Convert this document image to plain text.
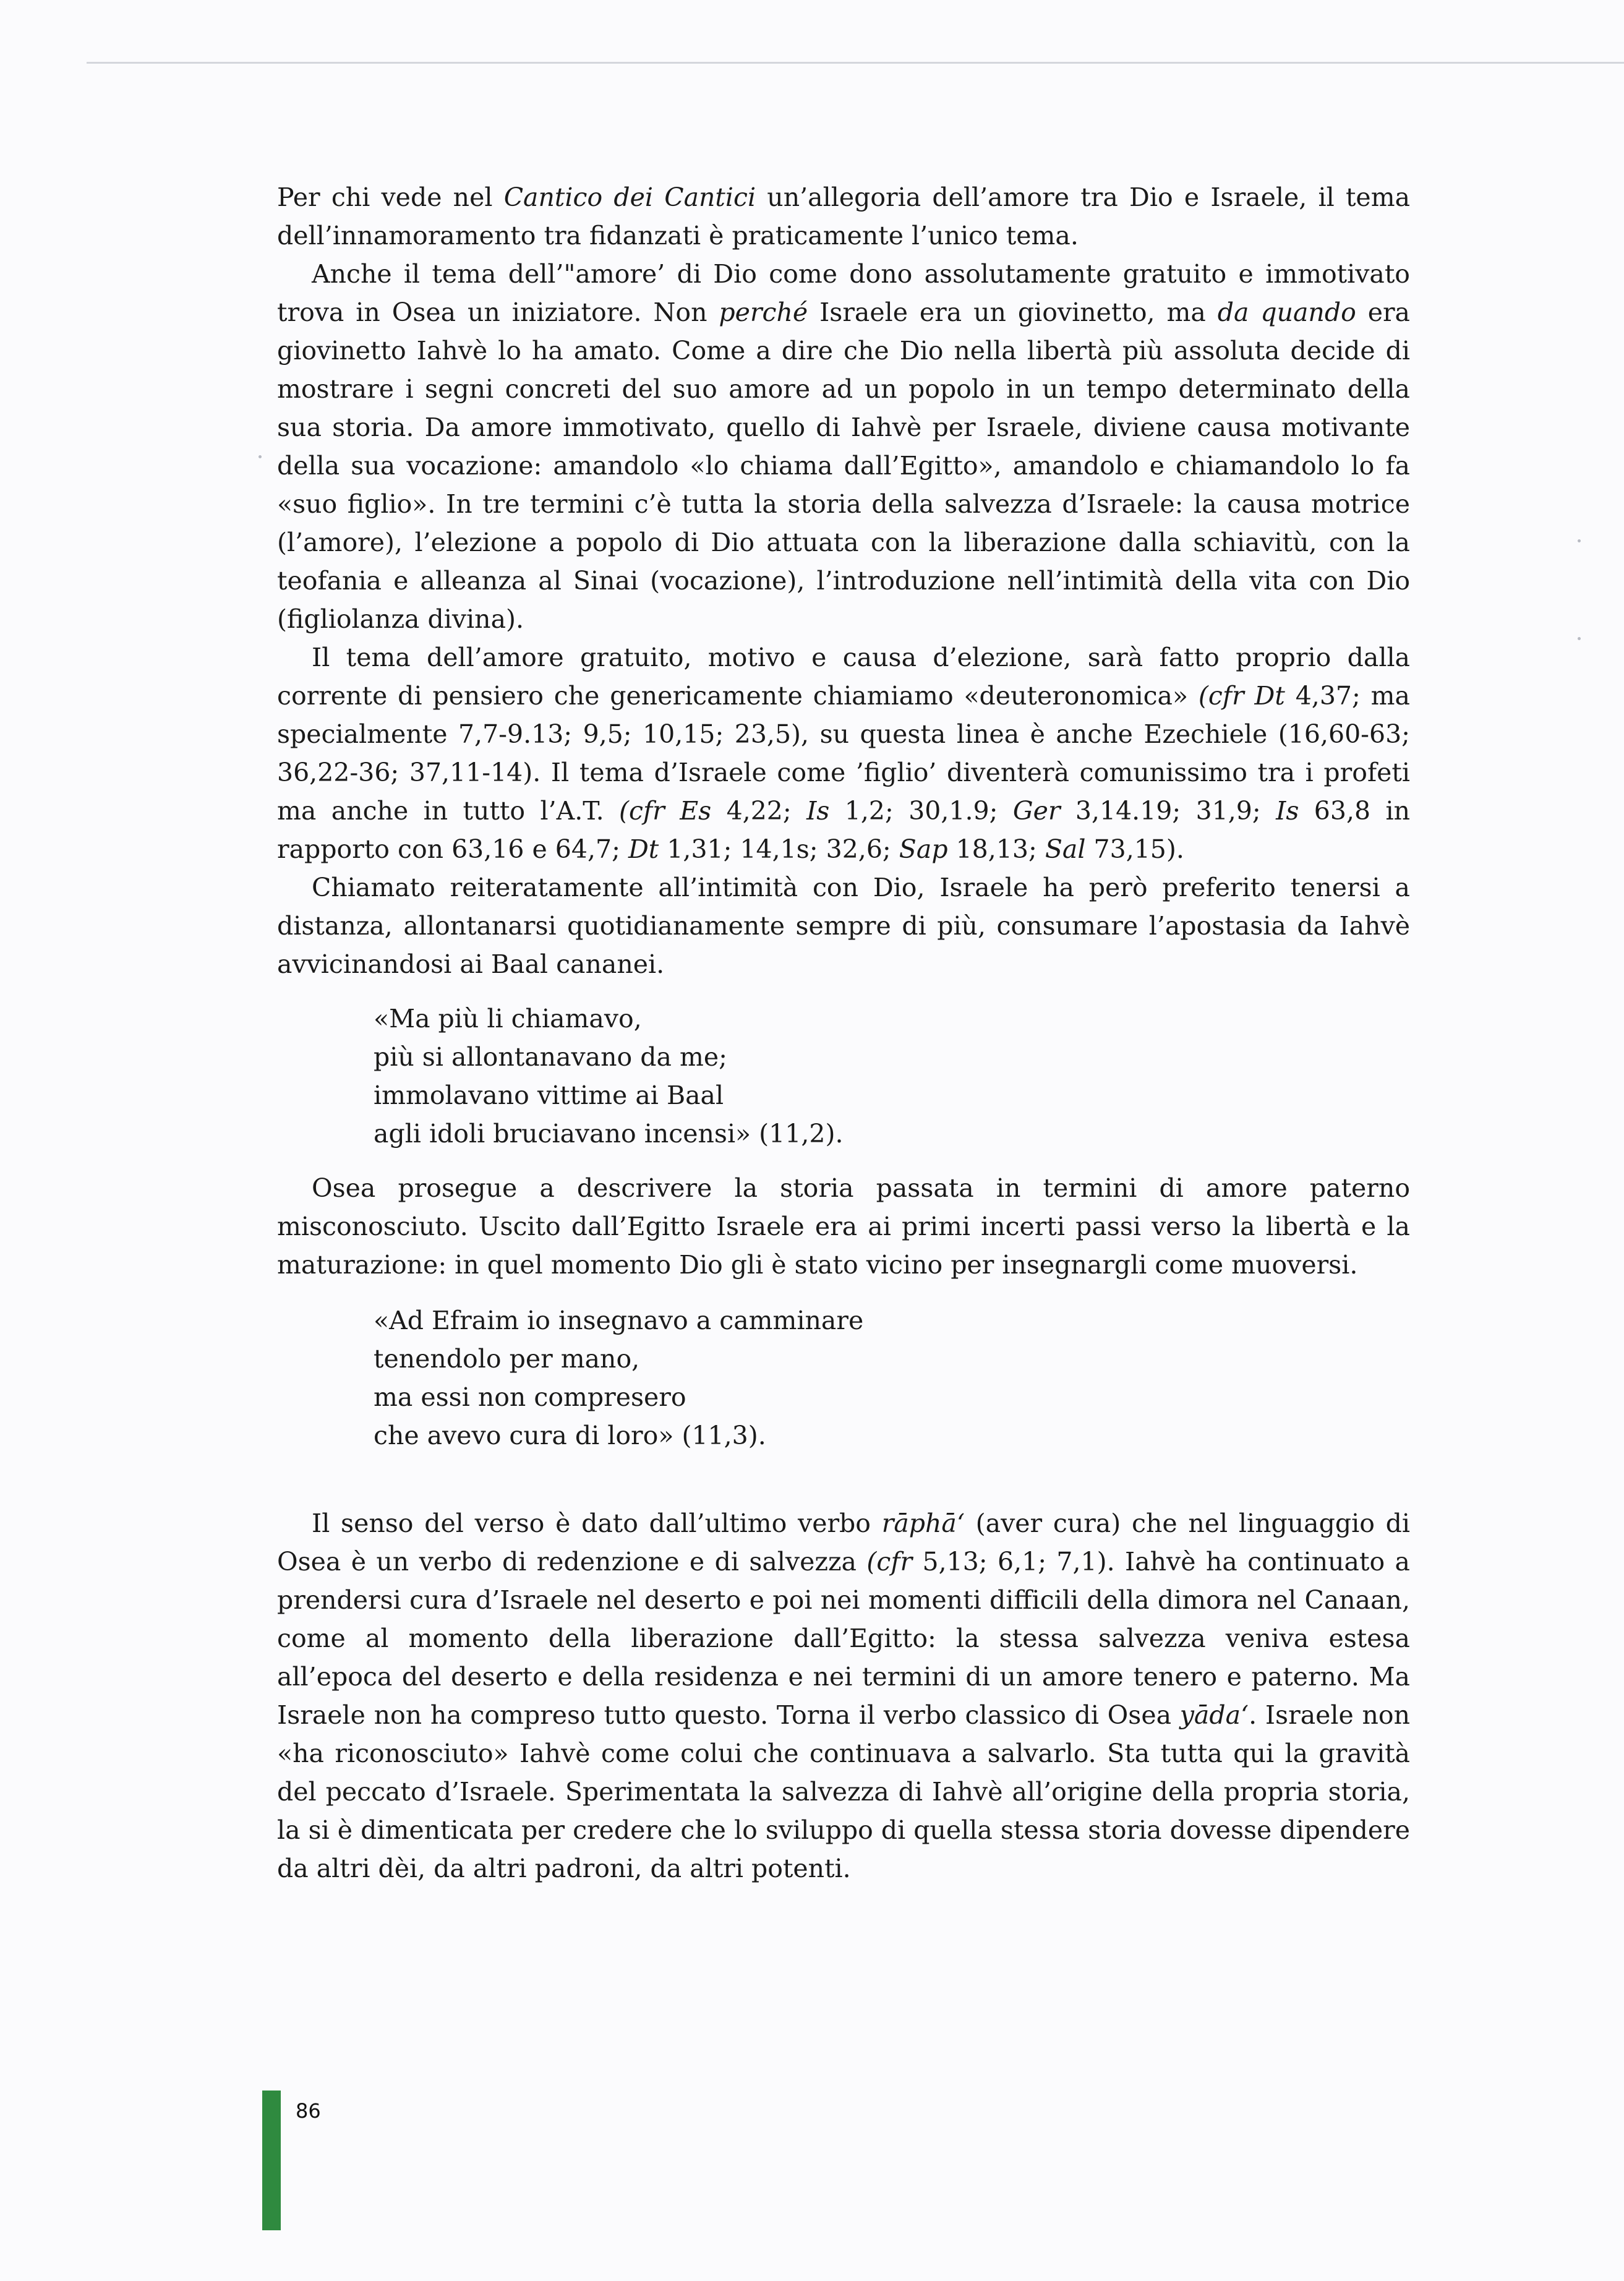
Per chi vede nel Cantico dei Cantici un’allegoria dell’amore tra Dio e Israele, il tema dell’innamoramento tra fidanzati è praticamente l’unico tema.

Anche il tema dell’"amore’ di Dio come dono assolutamente gratuito e immotivato trova in Osea un iniziatore. Non perché Israele era un giovinetto, ma da quando era giovinetto Iahvè lo ha amato. Come a dire che Dio nella libertà più assoluta decide di mostrare i segni concreti del suo amore ad un popolo in un tempo determinato della sua storia. Da amore immotivato, quello di Iahvè per Israele, diviene causa motivante della sua vocazione: amandolo «lo chiama dall’Egitto», amandolo e chiamandolo lo fa «suo figlio». In tre termini c’è tutta la storia della salvezza d’Israele: la causa motrice (l’amore), l’elezione a popolo di Dio attuata con la liberazione dalla schiavitù, con la teofania e alleanza al Sinai (vocazione), l’introduzione nell’intimità della vita con Dio (figliolanza divina).

Il tema dell’amore gratuito, motivo e causa d’elezione, sarà fatto proprio dalla corrente di pensiero che genericamente chiamiamo «deuteronomica» (cfr Dt 4,37; ma specialmente 7,7-9.13; 9,5; 10,15; 23,5), su questa linea è anche Ezechiele (16,60-63; 36,22-36; 37,11-14). Il tema d’Israele come ’figlio’ diventerà comunissimo tra i profeti ma anche in tutto l’A.T. (cfr Es 4,22; Is 1,2; 30,1.9; Ger 3,14.19; 31,9; Is 63,8 in rapporto con 63,16 e 64,7; Dt 1,31; 14,1s; 32,6; Sap 18,13; Sal 73,15).

Chiamato reiteratamente all’intimità con Dio, Israele ha però preferito tenersi a distanza, allontanarsi quotidianamente sempre di più, consumare l’apostasia da Iahvè avvicinandosi ai Baal cananei.

«Ma più li chiamavo,
più si allontanavano da me;
immolavano vittime ai Baal
agli idoli bruciavano incensi» (11,2).

Osea prosegue a descrivere la storia passata in termini di amore paterno misconosciuto. Uscito dall’Egitto Israele era ai primi incerti passi verso la libertà e la maturazione: in quel momento Dio gli è stato vicino per insegnargli come muoversi.

«Ad Efraim io insegnavo a camminare
tenendolo per mano,
ma essi non compresero
che avevo cura di loro» (11,3).

Il senso del verso è dato dall’ultimo verbo rāphā‘ (aver cura) che nel linguaggio di Osea è un verbo di redenzione e di salvezza (cfr 5,13; 6,1; 7,1). Iahvè ha continuato a prendersi cura d’Israele nel deserto e poi nei momenti difficili della dimora nel Canaan, come al momento della liberazione dall’Egitto: la stessa salvezza veniva estesa all’epoca del deserto e della residenza e nei termini di un amore tenero e paterno. Ma Israele non ha compreso tutto questo. Torna il verbo classico di Osea yāda‘. Israele non «ha riconosciuto» Iahvè come colui che continuava a salvarlo. Sta tutta qui la gravità del peccato d’Israele. Sperimentata la salvezza di Iahvè all’origine della propria storia, la si è dimenticata per credere che lo sviluppo di quella stessa storia dovesse dipendere da altri dèi, da altri padroni, da altri potenti.

86
